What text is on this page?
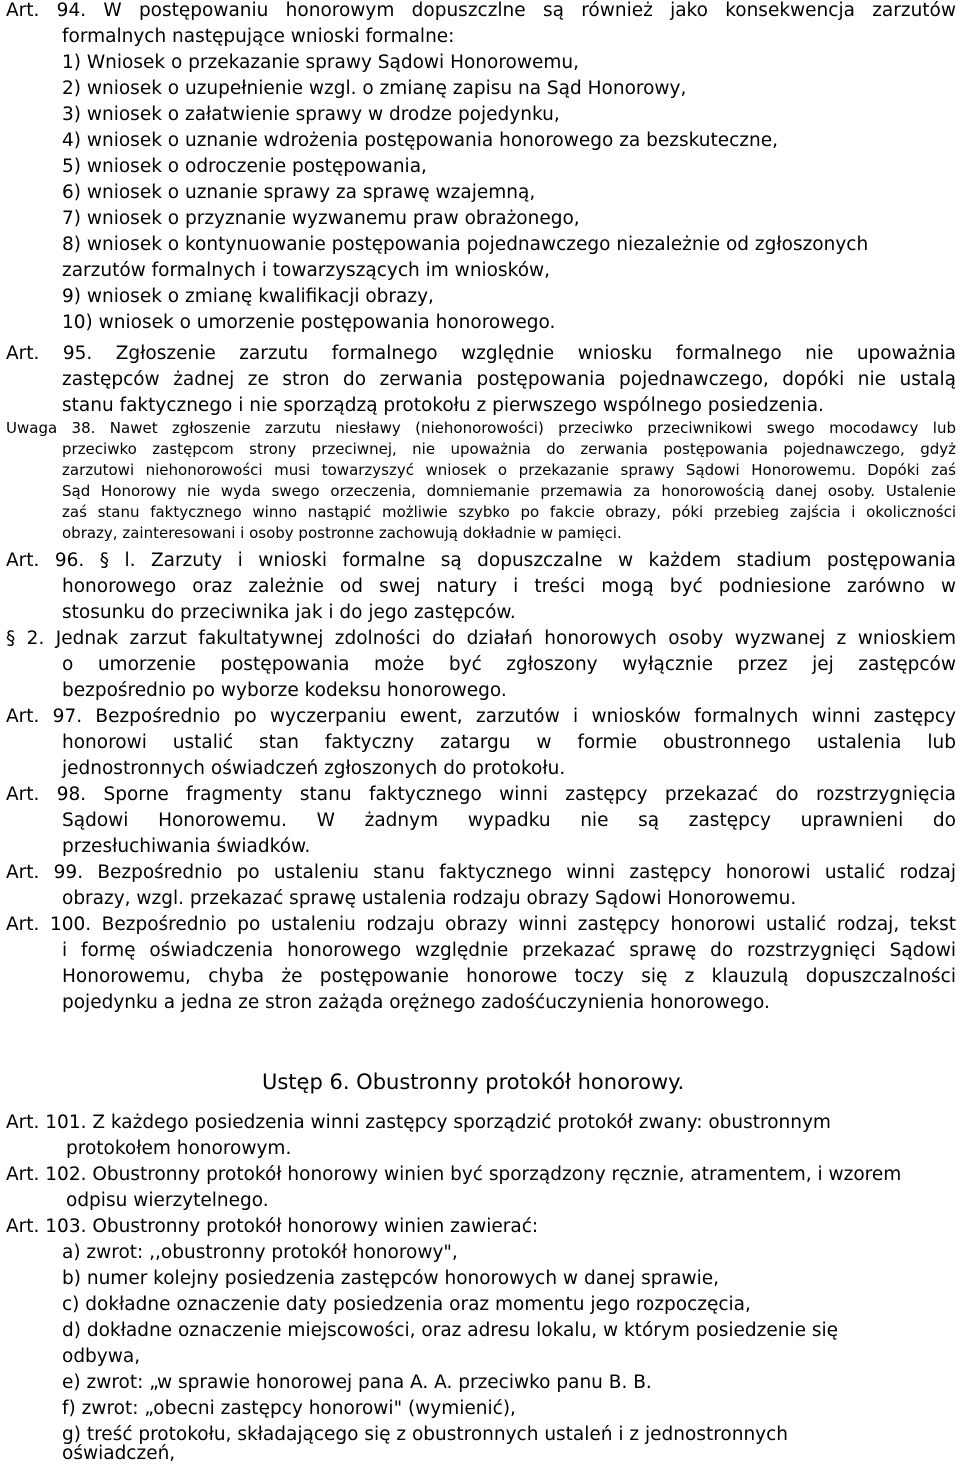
Art. 94. W postępowaniu honorowym dopuszczlne są również jako konsekwencja zarzutów
formalnych następujące wnioski formalne:
1) Wniosek o przekazanie sprawy Sądowi Honorowemu,
2) wniosek o uzupełnienie wzgl. o zmianę zapisu na Sąd Honorowy,
3) wniosek o załatwienie sprawy w drodze pojedynku,
4) wniosek o uznanie wdrożenia postępowania honorowego za bezskuteczne,
5) wniosek o odroczenie postępowania,
6) wniosek o uznanie sprawy za sprawę wzajemną,
7) wniosek o przyznanie wyzwanemu praw obrażonego,
8) wniosek o kontynuowanie postępowania pojednawczego niezależnie od zgłoszonych
zarzutów formalnych i towarzyszących im wniosków,
9) wniosek o zmianę kwalifikacji obrazy,
10) wniosek o umorzenie postępowania honorowego.
Art. 95. Zgłoszenie zarzutu formalnego względnie wniosku formalnego nie upoważnia
zastępców żadnej ze stron do zerwania postępowania pojednawczego, dopóki nie ustalą
stanu faktycznego i nie sporządzą protokołu z pierwszego wspólnego posiedzenia.
Uwaga 38. Nawet zgłoszenie zarzutu niesławy (niehonorowości) przeciwko przeciwnikowi swego mocodawcy lub
przeciwko zastępcom strony przeciwnej, nie upoważnia do zerwania postępowania pojednawczego, gdyż
zarzutowi niehonorowości musi towarzyszyć wniosek o przekazanie sprawy Sądowi Honorowemu. Dopóki zaś
Sąd Honorowy nie wyda swego orzeczenia, domniemanie przemawia za honorowością danej osoby. Ustalenie
zaś stanu faktycznego winno nastąpić możliwie szybko po fakcie obrazy, póki przebieg zajścia i okoliczności
obrazy, zainteresowani i osoby postronne zachowują dokładnie w pamięci.
Art. 96. § l. Zarzuty i wnioski formalne są dopuszczalne w każdem stadium postępowania
honorowego oraz zależnie od swej natury i treści mogą być podniesione zarówno w
stosunku do przeciwnika jak i do jego zastępców.
§ 2. Jednak zarzut fakultatywnej zdolności do działań honorowych osoby wyzwanej z wnioskiem
o umorzenie postępowania może być zgłoszony wyłącznie przez jej zastępców
bezpośrednio po wyborze kodeksu honorowego.
Art. 97. Bezpośrednio po wyczerpaniu ewent, zarzutów i wniosków formalnych winni zastępcy
honorowi ustalić stan faktyczny zatargu w formie obustronnego ustalenia lub
jednostronnych oświadczeń zgłoszonych do protokołu.
Art. 98. Sporne fragmenty stanu faktycznego winni zastępcy przekazać do rozstrzygnięcia
Sądowi Honorowemu. W żadnym wypadku nie są zastępcy uprawnieni do
przesłuchiwania świadków.
Art. 99. Bezpośrednio po ustaleniu stanu faktycznego winni zastępcy honorowi ustalić rodzaj
obrazy, wzgl. przekazać sprawę ustalenia rodzaju obrazy Sądowi Honorowemu.
Art. 100. Bezpośrednio po ustaleniu rodzaju obrazy winni zastępcy honorowi ustalić rodzaj, tekst
i formę oświadczenia honorowego względnie przekazać sprawę do rozstrzygnięci Sądowi
Honorowemu, chyba że postępowanie honorowe toczy się z klauzulą dopuszczalności
pojedynku a jedna ze stron zażąda orężnego zadośćuczynienia honorowego.
Ustęp 6. Obustronny protokół honorowy.
Art. 101. Z każdego posiedzenia winni zastępcy sporządzić protokół zwany: obustronnym
protokołem honorowym.
Art. 102. Obustronny protokół honorowy winien być sporządzony ręcznie, atramentem, i wzorem
odpisu wierzytelnego.
Art. 103. Obustronny protokół honorowy winien zawierać:
a) zwrot: ,,obustronny protokół honorowy",
b) numer kolejny posiedzenia zastępców honorowych w danej sprawie,
c) dokładne oznaczenie daty posiedzenia oraz momentu jego rozpoczęcia,
d) dokładne oznaczenie miejscowości, oraz adresu lokalu, w którym posiedzenie się
odbywa,
e) zwrot: „w sprawie honorowej pana A. A. przeciwko panu B. B.
f) zwrot: „obecni zastępcy honorowi" (wymienić),
g) treść protokołu, składającego się z obustronnych ustaleń i z jednostronnych
oświadczeń,
